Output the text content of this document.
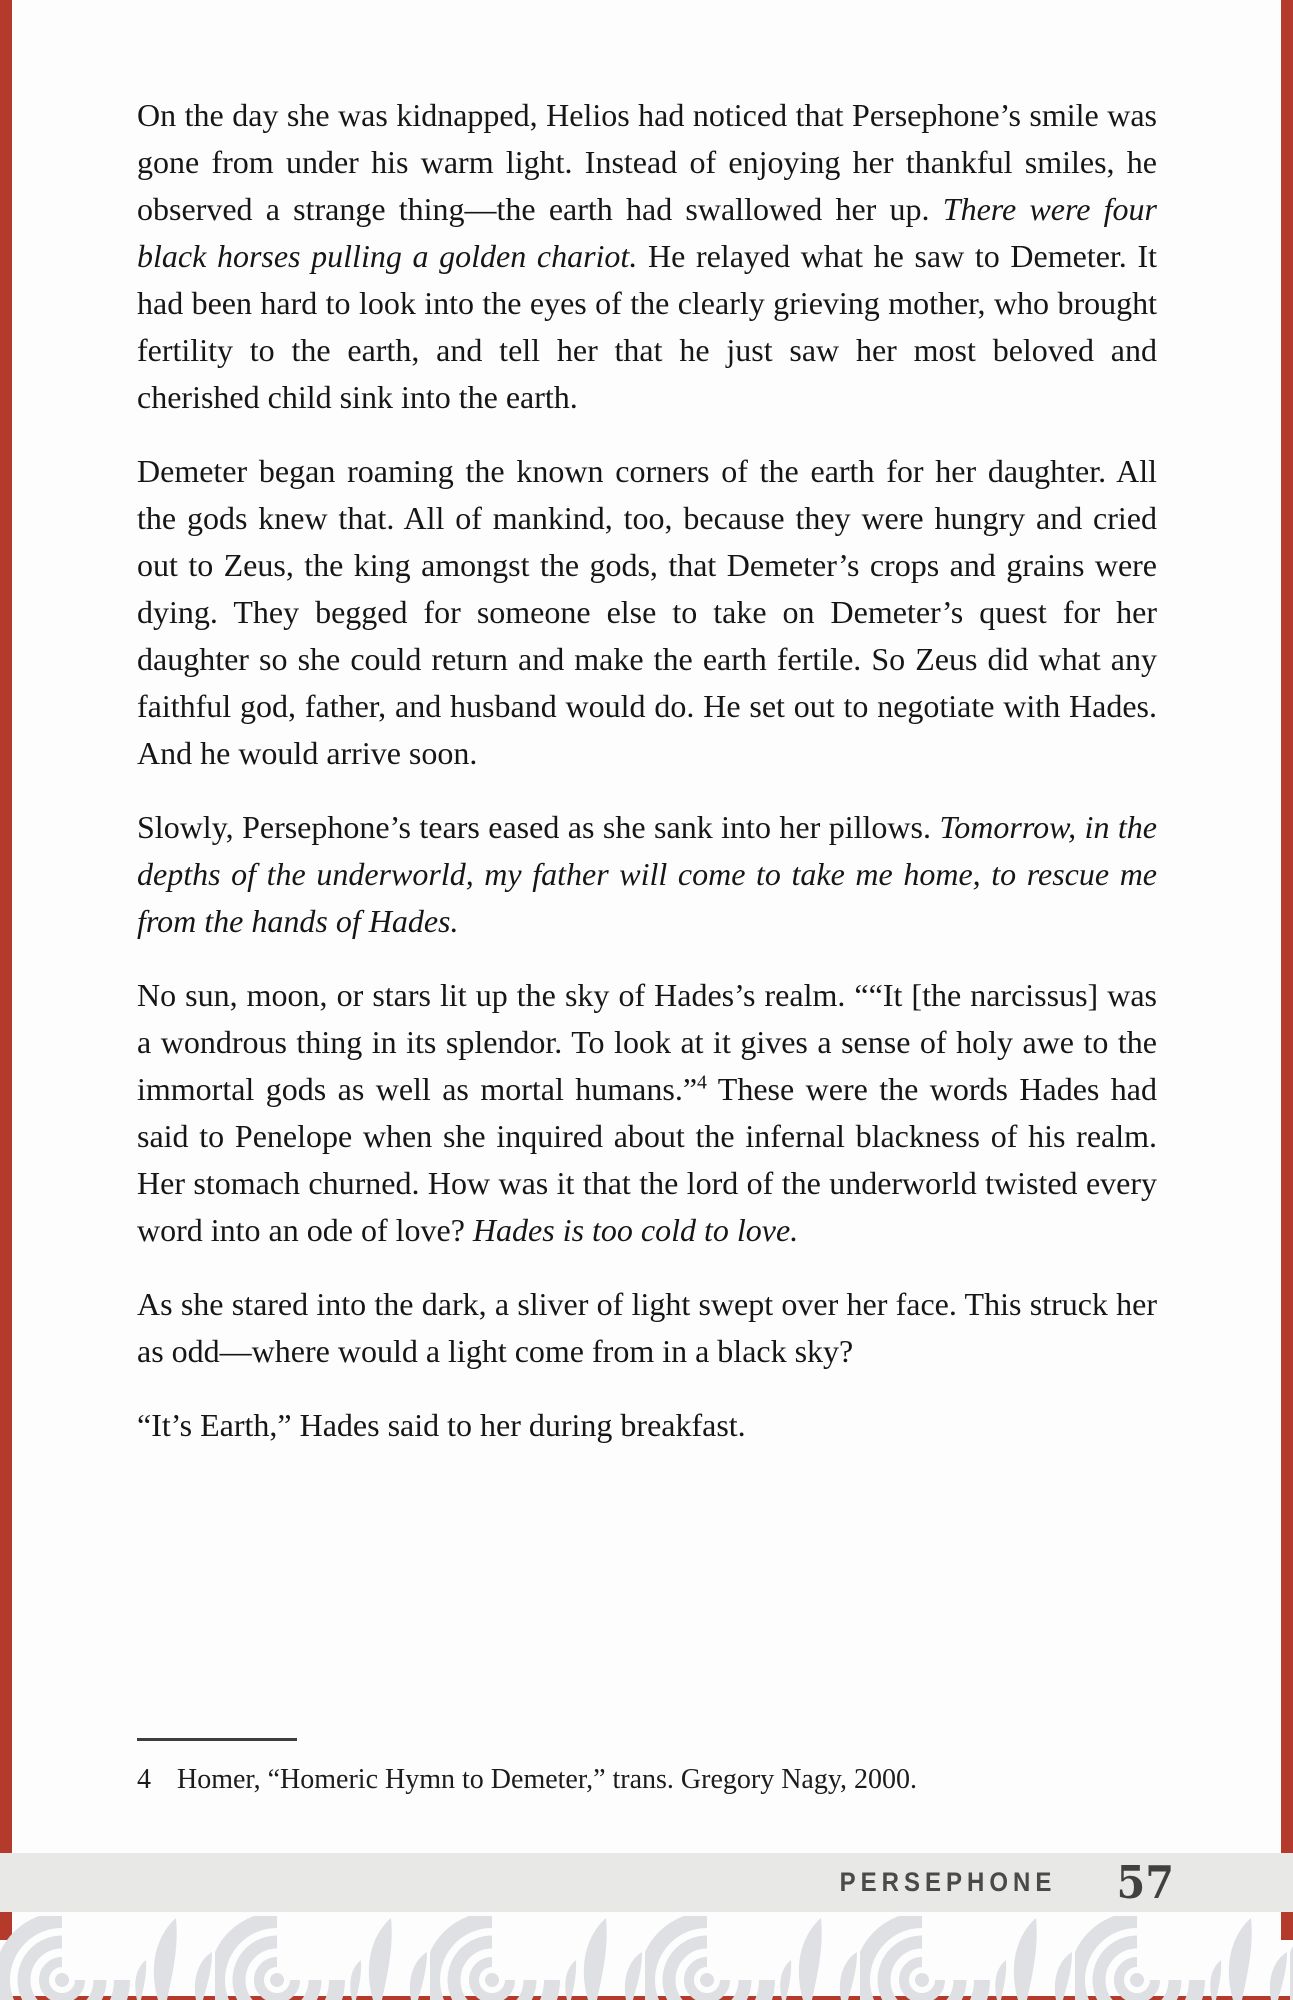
On the day she was kidnapped, Helios had noticed that Persephone’s smile was gone from under his warm light. Instead of enjoying her thankful smiles, he observed a strange thing—the earth had swallowed her up. There were four black horses pulling a golden chariot. He relayed what he saw to Demeter. It had been hard to look into the eyes of the clearly grieving mother, who brought fertility to the earth, and tell her that he just saw her most beloved and cherished child sink into the earth.

Demeter began roaming the known corners of the earth for her daughter. All the gods knew that. All of mankind, too, because they were hungry and cried out to Zeus, the king amongst the gods, that Demeter’s crops and grains were dying. They begged for someone else to take on Demeter’s quest for her daughter so she could return and make the earth fertile. So Zeus did what any faithful god, father, and husband would do. He set out to negotiate with Hades. And he would arrive soon.

Slowly, Persephone’s tears eased as she sank into her pillows. Tomorrow, in the depths of the underworld, my father will come to take me home, to rescue me from the hands of Hades.

No sun, moon, or stars lit up the sky of Hades’s realm. ““It [the narcissus] was a wondrous thing in its splendor. To look at it gives a sense of holy awe to the immortal gods as well as mortal humans.”$^4$ These were the words Hades had said to Penelope when she inquired about the infernal blackness of his realm. Her stomach churned. How was it that the lord of the underworld twisted every word into an ode of love? Hades is too cold to love.

As she stared into the dark, a sliver of light swept over her face. This struck her as odd—where would a light come from in a black sky?

“It’s Earth,” Hades said to her during breakfast.

4 Homer, “Homeric Hymn to Demeter,” trans. Gregory Nagy, 2000.
PERSEPHONE 57
